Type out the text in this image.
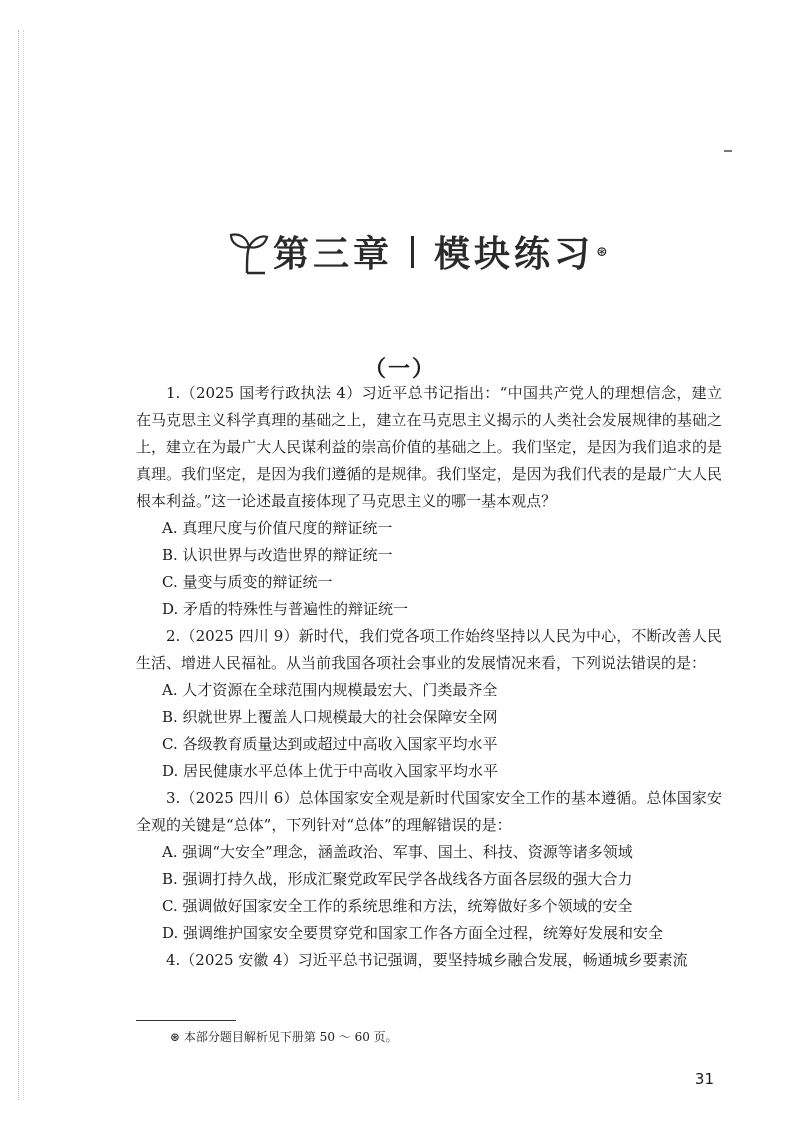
第三章 模块练习 ⊛
（一）

1.（2025 国考行政执法 4）习近平总书记指出：“中国共产党人的理想信念，建立在马克思主义科学真理的基础之上，建立在马克思主义揭示的人类社会发展规律的基础之上，建立在为最广大人民谋利益的崇高价值的基础之上。我们坚定，是因为我们追求的是真理。我们坚定，是因为我们遵循的是规律。我们坚定，是因为我们代表的是最广大人民根本利益。”这一论述最直接体现了马克思主义的哪一基本观点？

A. 真理尺度与价值尺度的辩证统一

B. 认识世界与改造世界的辩证统一

C. 量变与质变的辩证统一

D. 矛盾的特殊性与普遍性的辩证统一

2.（2025 四川 9）新时代，我们党各项工作始终坚持以人民为中心，不断改善人民生活、增进人民福祉。从当前我国各项社会事业的发展情况来看，下列说法错误的是：

A. 人才资源在全球范围内规模最宏大、门类最齐全

B. 织就世界上覆盖人口规模最大的社会保障安全网

C. 各级教育质量达到或超过中高收入国家平均水平

D. 居民健康水平总体上优于中高收入国家平均水平

3.（2025 四川 6）总体国家安全观是新时代国家安全工作的基本遵循。总体国家安全观的关键是“总体”，下列针对“总体”的理解错误的是：

A. 强调“大安全”理念，涵盖政治、军事、国土、科技、资源等诸多领域

B. 强调打持久战，形成汇聚党政军民学各战线各方面各层级的强大合力

C. 强调做好国家安全工作的系统思维和方法，统筹做好多个领域的安全

D. 强调维护国家安全要贯穿党和国家工作各方面全过程，统筹好发展和安全

4.（2025 安徽 4）习近平总书记强调，要坚持城乡融合发展，畅通城乡要素流

⊛ 本部分题目解析见下册第 50 ～ 60 页。
31
